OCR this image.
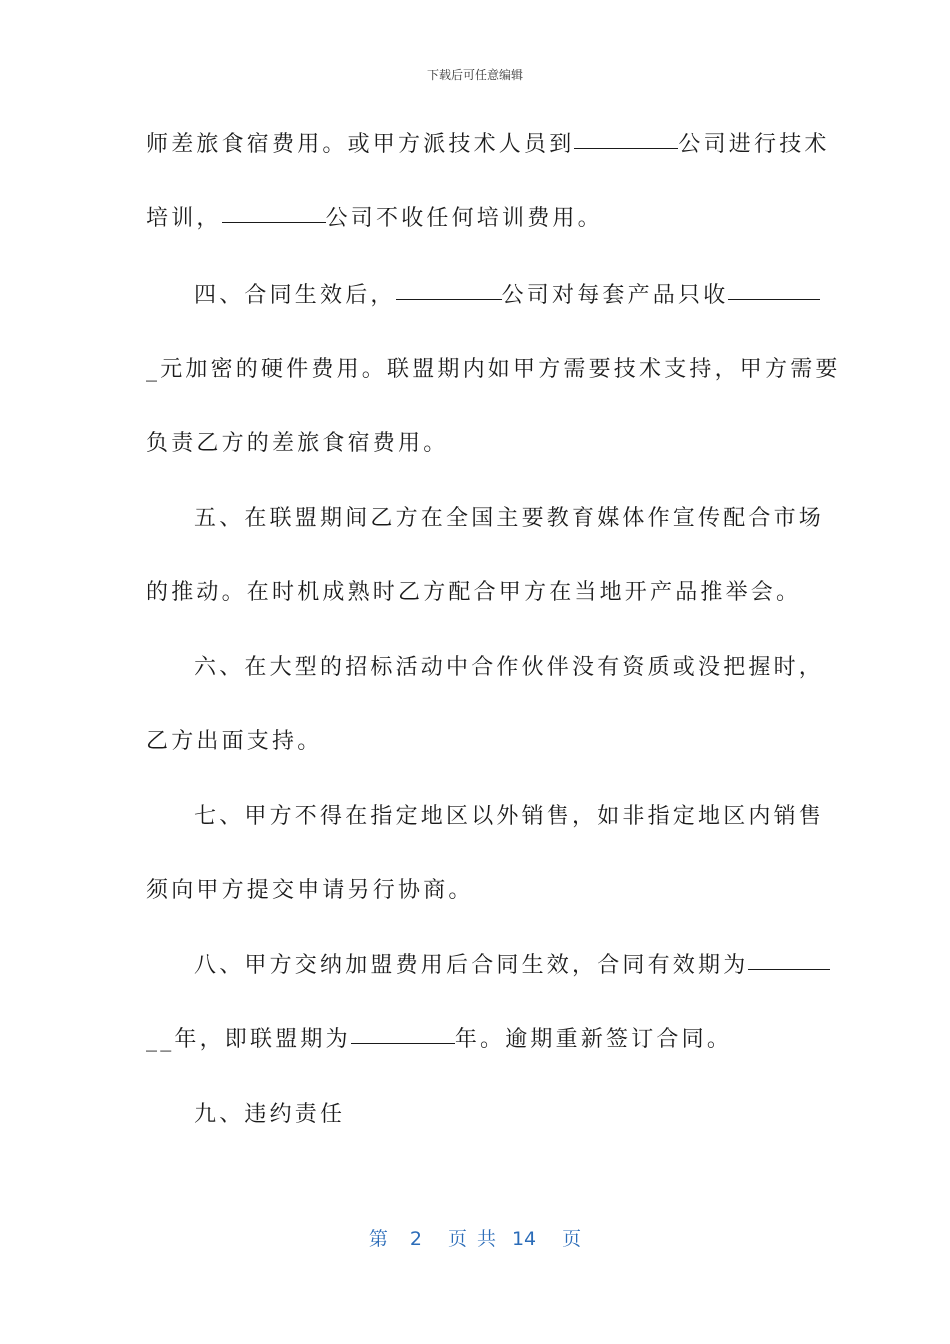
下载后可任意编辑
师差旅食宿费用。或甲方派技术人员到	公司进行技术
培训，	公司不收任何培训费用。
四、合同生效后，	公司对每套产品只收
_元加密的硬件费用。联盟期内如甲方需要技术支持，甲方需要
负责乙方的差旅食宿费用。
五、在联盟期间乙方在全国主要教育媒体作宣传配合市场
的推动。在时机成熟时乙方配合甲方在当地开产品推举会。
六、在大型的招标活动中合作伙伴没有资质或没把握时，
乙方出面支持。
七、甲方不得在指定地区以外销售，如非指定地区内销售
须向甲方提交申请另行协商。
八、甲方交纳加盟费用后合同生效，合同有效期为
__年，即联盟期为	年。逾期重新签订合同。
九、违约责任
第 2 页共 14 页
